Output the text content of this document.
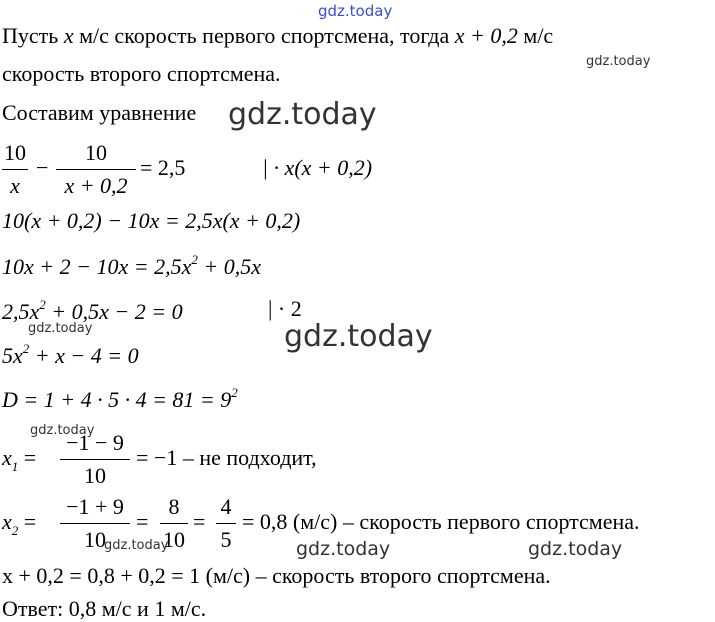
gdz.today
gdz.today
gdz.today
gdz.today	gdz.today
gdz.today
gdz.today	gdz.today	gdz.today
Пусть x м/с скорость первого спортсмена, тогда x + 0,2 м/с
скорость второго спортсмена.
Составим уравнение
10
x
−
10
x + 0,2
= 2,5	| · x(x + 0,2)
10(x + 0,2) − 10x = 2,5x(x + 0,2)
$10x + 2 - 10x = 2,5x^2 + 0,5x$
$2,5x^2 + 0,5x - 2 = 0$	| · 2
$5x^2 + x - 4 = 0$
$D = 1 + 4 \cdot 5 \cdot 4 = 81 = 9^2$
$x_1$ =
−1 − 9
10
= −1 – не подходит,
$x_2$ =
−1 + 9
10
=
8
10
=
4
5
= 0,8 (м/с) – скорость первого спортсмена.
x + 0,2 = 0,8 + 0,2 = 1 (м/с) – скорость второго спортсмена.
Ответ: 0,8 м/с и 1 м/с.
